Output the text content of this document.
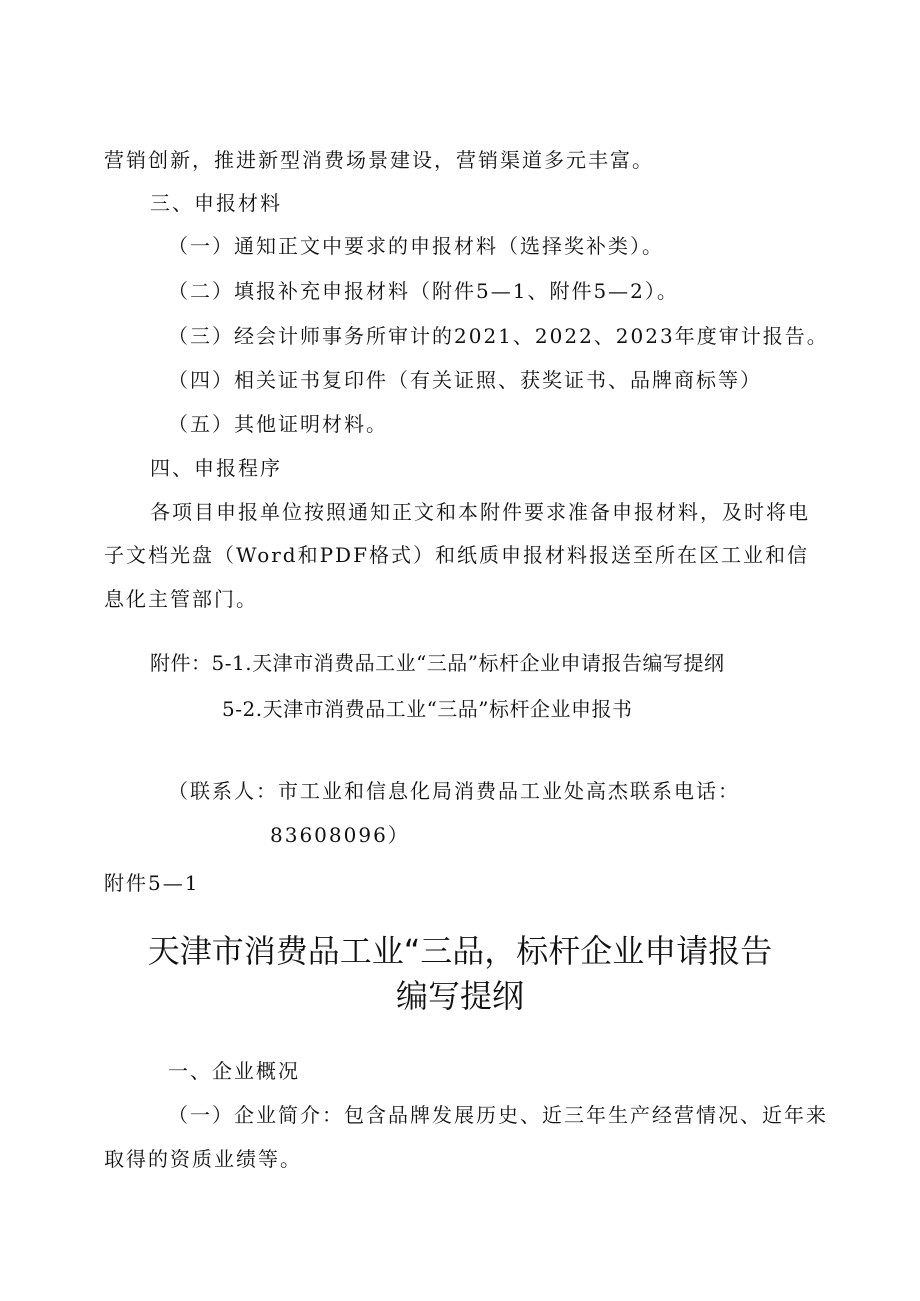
营销创新，推进新型消费场景建设，营销渠道多元丰富。
三、申报材料
（一）通知正文中要求的申报材料（选择奖补类）。
（二）填报补充申报材料（附件5—1、附件5—2）。
（三）经会计师事务所审计的2021、2022、2023年度审计报告。
（四）相关证书复印件（有关证照、获奖证书、品牌商标等）
（五）其他证明材料。
四、申报程序
各项目申报单位按照通知正文和本附件要求准备申报材料，及时将电
子文档光盘（Word和PDF格式）和纸质申报材料报送至所在区工业和信
息化主管部门。
附件：5-1.天津市消费品工业“三品”标杆企业申请报告编写提纲
5-2.天津市消费品工业“三品”标杆企业申报书
（联系人：市工业和信息化局消费品工业处高杰联系电话：
83608096）
附件5—1
天津市消费品工业“三品，标杆企业申请报告
编写提纲
一、企业概况
（一）企业简介：包含品牌发展历史、近三年生产经营情况、近年来
取得的资质业绩等。
